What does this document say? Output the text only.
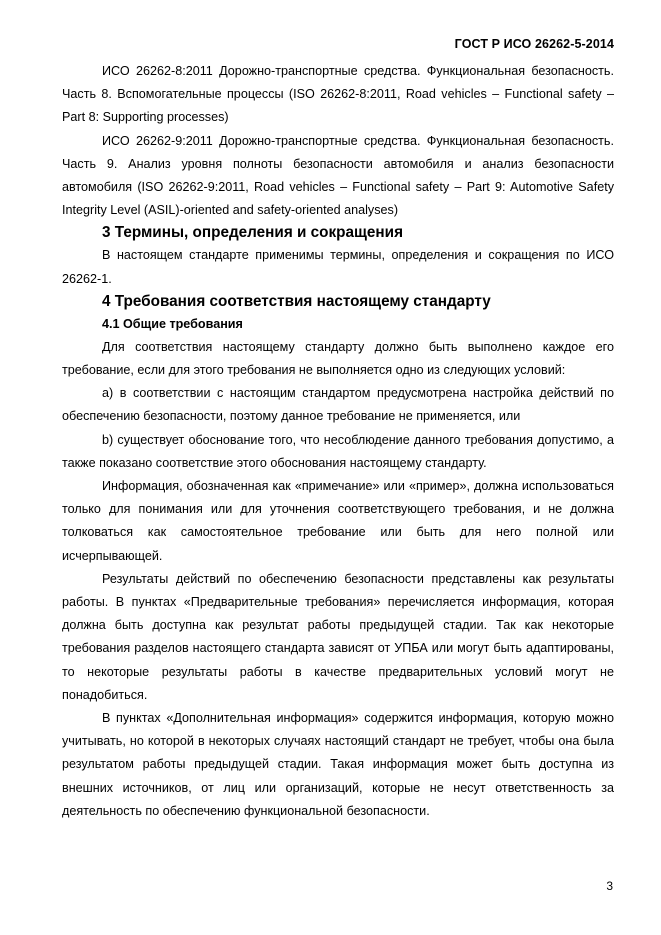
ГОСТ Р ИСО 26262-5-2014

ИСО 26262-8:2011 Дорожно-транспортные средства. Функциональная безопасность. Часть 8. Вспомогательные процессы (ISO 26262-8:2011, Road vehicles – Functional safety – Part 8: Supporting processes)

ИСО 26262-9:2011 Дорожно-транспортные средства. Функциональная безопасность. Часть 9. Анализ уровня полноты безопасности автомобиля и анализ безопасности автомобиля (ISO 26262-9:2011, Road vehicles – Functional safety – Part 9: Automotive Safety Integrity Level (ASIL)-oriented and safety-oriented analyses)

3 Термины, определения и сокращения

В настоящем стандарте применимы термины, определения и сокращения по ИСО 26262-1.

4 Требования соответствия настоящему стандарту
4.1 Общие требования

Для соответствия настоящему стандарту должно быть выполнено каждое его требование, если для этого требования не выполняется одно из следующих условий:

a) в соответствии с настоящим стандартом предусмотрена настройка действий по обеспечению безопасности, поэтому данное требование не применяется, или

b) существует обоснование того, что несоблюдение данного требования допустимо, а также показано соответствие этого обоснования настоящему стандарту.

Информация, обозначенная как «примечание» или «пример», должна использоваться только для понимания или для уточнения соответствующего требования, и не должна толковаться как самостоятельное требование или быть для него полной или исчерпывающей.

Результаты действий по обеспечению безопасности представлены как результаты работы. В пунктах «Предварительные требования» перечисляется информация, которая должна быть доступна как результат работы предыдущей стадии. Так как некоторые требования разделов настоящего стандарта зависят от УПБА или могут быть адаптированы, то некоторые результаты работы в качестве предварительных условий могут не понадобиться.

В пунктах «Дополнительная информация» содержится информация, которую можно учитывать, но которой в некоторых случаях настоящий стандарт не требует, чтобы она была результатом работы предыдущей стадии. Такая информация может быть доступна из внешних источников, от лиц или организаций, которые не несут ответственность за деятельность по обеспечению функциональной безопасности.

3
